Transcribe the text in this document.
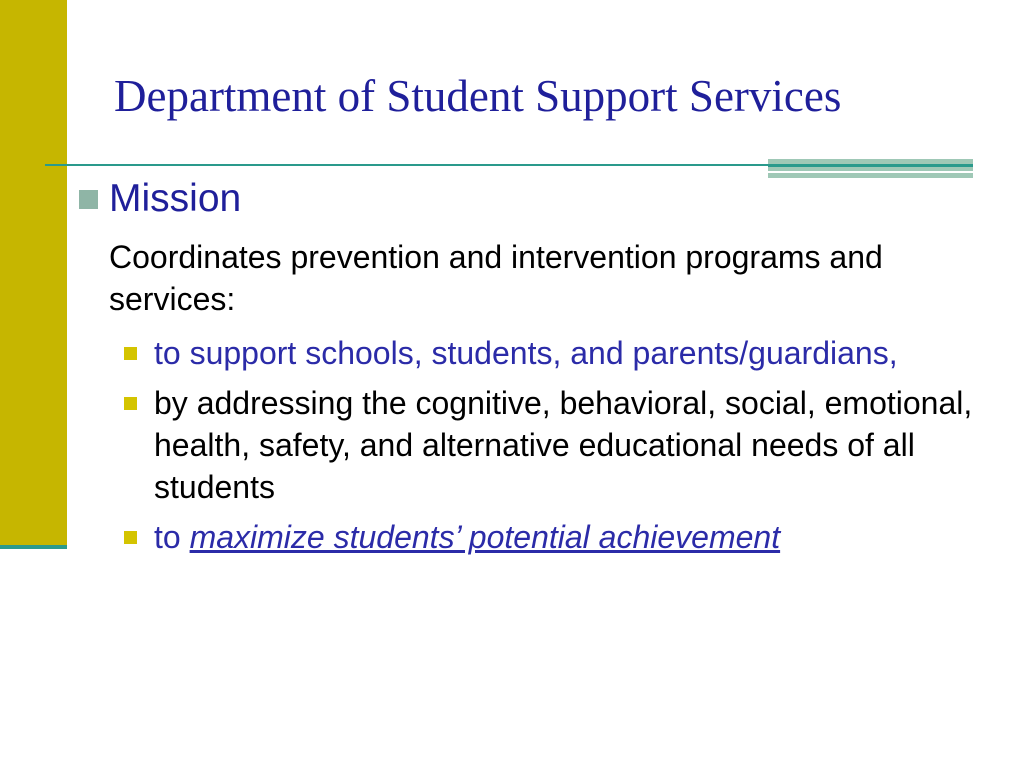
Department of Student Support Services
Mission
Coordinates prevention and intervention programs and services:
to support schools, students, and parents/guardians,
by addressing the cognitive, behavioral, social, emotional, health, safety, and alternative educational needs of all students
to maximize students’ potential achievement
